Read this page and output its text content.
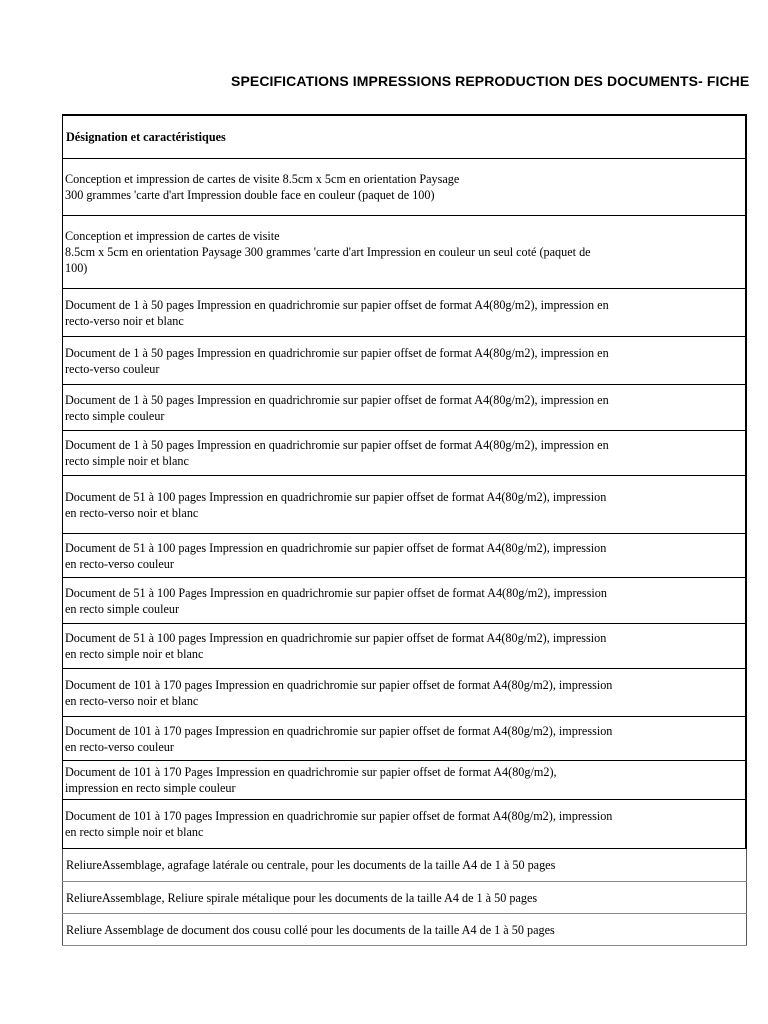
SPECIFICATIONS IMPRESSIONS REPRODUCTION DES DOCUMENTS- FICHE
Désignation et caractéristiques

Conception et impression de cartes de visite 8.5cm x 5cm en orientation Paysage
300 grammes 'carte d'art Impression double face en couleur (paquet de 100)

Conception et impression de cartes de visite
8.5cm x 5cm en orientation Paysage 300 grammes 'carte d'art Impression en couleur un seul coté (paquet de
100)

Document de 1 à 50 pages Impression en quadrichromie sur papier offset de format A4(80g/m2), impression en
recto-verso noir et blanc

Document de 1 à 50 pages Impression en quadrichromie sur papier offset de format A4(80g/m2), impression en
recto-verso couleur

Document de 1 à 50 pages Impression en quadrichromie sur papier offset de format A4(80g/m2), impression en
recto simple couleur

Document de 1 à 50 pages Impression en quadrichromie sur papier offset de format A4(80g/m2), impression en
recto simple noir et blanc

Document de 51 à 100 pages Impression en quadrichromie sur papier offset de format A4(80g/m2), impression
en recto-verso noir et blanc

Document de 51 à 100 pages Impression en quadrichromie sur papier offset de format A4(80g/m2), impression
en recto-verso couleur

Document de 51 à 100 Pages Impression en quadrichromie sur papier offset de format A4(80g/m2), impression
en recto simple couleur

Document de 51 à 100 pages Impression en quadrichromie sur papier offset de format A4(80g/m2), impression
en recto simple noir et blanc

Document de 101 à 170 pages Impression en quadrichromie sur papier offset de format A4(80g/m2), impression
en recto-verso noir et blanc

Document de 101 à 170 pages Impression en quadrichromie sur papier offset de format A4(80g/m2), impression
en recto-verso couleur

Document de 101 à 170 Pages Impression en quadrichromie sur papier offset de format A4(80g/m2),
impression en recto simple couleur

Document de 101 à 170 pages Impression en quadrichromie sur papier offset de format A4(80g/m2), impression
en recto simple noir et blanc

ReliureAssemblage, agrafage latérale ou centrale, pour les documents de la taille A4 de 1 à 50 pages

ReliureAssemblage, Reliure spirale métalique pour les documents de la taille A4 de 1 à 50 pages

Reliure Assemblage de document dos cousu collé pour les documents de la taille A4 de 1 à 50 pages
